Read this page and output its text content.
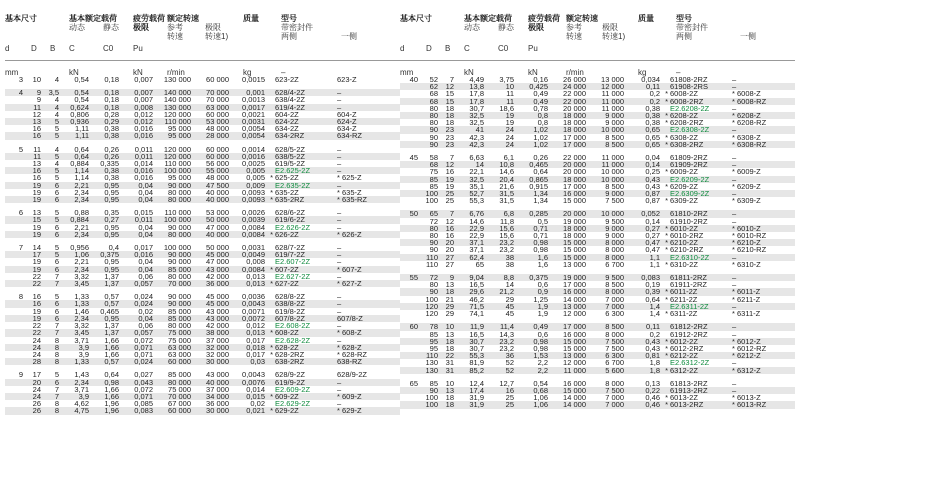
基本尺寸	基本额定载荷
动态 静态
疲劳载荷
极限
额定转速
参考
转速
极限
转速1)
质量	型号
带密封件
两侧	一侧
d	D B C	C0 Pu
mm	kN	kN	r/min	kg	–
3	10	4	0,54	0,18	0,007	130 000	60 000	0,0015		623-2Z	623-Z

4	9	3,5	0,54	0,18	0,007	140 000	70 000	0,001		628/4-2Z	–
	9	4	0,54	0,18	0,007	140 000	70 000	0,0013		638/4-2Z	–
	11	4	0,624	0,18	0,008	130 000	63 000	0,0017		619/4-2Z	–
	12	4	0,806	0,28	0,012	120 000	60 000	0,0021		604-2Z	604-Z
	13	5	0,936	0,29	0,012	110 000	53 000	0,0031		624-2Z	624-Z
	16	5	1,11	0,38	0,016	95 000	48 000	0,0054		634-2Z	634-Z
	16	5	1,11	0,38	0,016	95 000	28 000	0,0054		634-2RZ	634-RZ

5	11	4	0,64	0,26	0,011	120 000	60 000	0,0014		628/5-2Z	–
	11	5	0,64	0,26	0,011	120 000	60 000	0,0016		638/5-2Z	–
	13	4	0,884	0,335	0,014	110 000	56 000	0,0025		619/5-2Z	–
	16	5	1,14	0,38	0,016	100 000	55 000	0,005		E2.625-2Z	–
	16	5	1,14	0,38	0,016	95 000	48 000	0,005	*	625-2Z	* 625-Z
	19	6	2,21	0,95	0,04	90 000	47 500	0,009		E2.635-2Z	–
	19	6	2,34	0,95	0,04	80 000	40 000	0,0093	*	635-2Z	* 635-Z
	19	6	2,34	0,95	0,04	80 000	40 000	0,0093	*	635-2RZ	* 635-RZ

6	13	5	0,88	0,35	0,015	110 000	53 000	0,0026		628/6-2Z	–
	15	5	0,884	0,27	0,011	100 000	50 000	0,0039		619/6-2Z	–
	19	6	2,21	0,95	0,04	90 000	47 000	0,0084		E2.626-2Z	–
	19	6	2,34	0,95	0,04	80 000	40 000	0,0084	*	626-2Z	* 626-Z

7	14	5	0,956	0,4	0,017	100 000	50 000	0,0031		628/7-2Z	–
	17	5	1,06	0,375	0,016	90 000	45 000	0,0049		619/7-2Z	–
	19	6	2,21	0,95	0,04	90 000	47 000	0,008		E2.607-2Z	–
	19	6	2,34	0,95	0,04	85 000	43 000	0,0084	*	607-2Z	* 607-Z
	22	7	3,32	1,37	0,06	80 000	42 000	0,013		E2.627-2Z	–
	22	7	3,45	1,37	0,057	70 000	36 000	0,013	*	627-2Z	* 627-Z

8	16	5	1,33	0,57	0,024	90 000	45 000	0,0036		628/8-2Z	–
	16	6	1,33	0,57	0,024	90 000	45 000	0,0043		638/8-2Z	–
	19	6	1,46	0,465	0,02	85 000	43 000	0,0071		619/8-2Z	–
	19	6	2,34	0,95	0,04	85 000	43 000	0,0072		607/8-2Z	607/8-Z
	22	7	3,32	1,37	0,06	80 000	42 000	0,012		E2.608-2Z	–
	22	7	3,45	1,37	0,057	75 000	38 000	0,013	*	608-2Z	* 608-Z
	24	8	3,71	1,66	0,072	75 000	37 000	0,017		E2.628-2Z	–
	24	8	3,9	1,66	0,071	63 000	32 000	0,018	*	628-2Z	* 628-Z
	24	8	3,9	1,66	0,071	63 000	32 000	0,017	*	628-2RZ	* 628-RZ
	28	8	1,33	0,57	0,024	60 000	30 000	0,03		638-2RZ	638-RZ

9	17	5	1,43	0,64	0,027	85 000	43 000	0,0043		628/9-2Z	628/9-2Z
	20	6	2,34	0,98	0,043	80 000	40 000	0,0076		619/9-2Z	–
	24	7	3,71	1,66	0,072	75 000	37 000	0,014		E2.609-2Z	–
	24	7	3,9	1,66	0,071	70 000	34 000	0,015	*	609-2Z	* 609-Z
	26	8	4,62	1,96	0,085	67 000	36 000	0,02		E2.629-2Z	–
	26	8	4,75	1,96	0,083	60 000	30 000	0,021	*	629-2Z	* 629-Z
基本尺寸	基本额定载荷
动态 静态
疲劳载荷
极限
额定转速
参考
转速
极限
转速1)
质量	型号
带密封件
两侧	一侧
d	D B C	C0 Pu
mm	kN	kN	r/min	kg	–
40	52	7	4,49	3,75	0,16	26 000	13 000	0,034		61808-2RZ	–
	62	12	13,8	10	0,425	24 000	12 000	0,11		61908-2RS	–
	68	15	17,8	11	0,49	22 000	11 000	0,2	*	6008-2Z	* 6008-Z
	68	15	17,8	11	0,49	22 000	11 000	0,2	*	6008-2RZ	* 6008-RZ
	80	18	30,7	18,6	0,78	20 000	11 000	0,38		E2.6208-2Z	–
	80	18	32,5	19	0,8	18 000	9 000	0,38	*	6208-2Z	* 6208-Z
	80	18	32,5	19	0,8	18 000	9 000	0,38	*	6208-2RZ	* 6208-RZ
	90	23	41	24	1,02	18 000	10 000	0,65		E2.6308-2Z	–
	90	23	42,3	24	1,02	17 000	8 500	0,65	*	6308-2Z	* 6308-Z
	90	23	42,3	24	1,02	17 000	8 500	0,65	*	6308-2RZ	* 6308-RZ

45	58	7	6,63	6,1	0,26	22 000	11 000	0,04		61809-2RZ	–
	68	12	14	10,8	0,465	20 000	11 000	0,14		61909-2RZ	–
	75	16	22,1	14,6	0,64	20 000	10 000	0,25	*	6009-2Z	* 6009-Z
	85	19	32,5	20,4	0,865	18 000	10 000	0,43		E2.6209-2Z	–
	85	19	35,1	21,6	0,915	17 000	8 500	0,43	*	6209-2Z	* 6209-Z
	100	25	52,7	31,5	1,34	16 000	9 000	0,87		E2.6309-2Z	–
	100	25	55,3	31,5	1,34	15 000	7 500	0,87	*	6309-2Z	* 6309-Z

50	65	7	6,76	6,8	0,285	20 000	10 000	0,052		61810-2RZ	–
	72	12	14,6	11,8	0,5	19 000	9 500	0,14		61910-2RZ	–
	80	16	22,9	15,6	0,71	18 000	9 000	0,27	*	6010-2Z	* 6010-Z
	80	16	22,9	15,6	0,71	18 000	9 000	0,27	*	6010-2RZ	* 6010-RZ
	90	20	37,1	23,2	0,98	15 000	8 000	0,47	*	6210-2Z	* 6210-Z
	90	20	37,1	23,2	0,98	15 000	8 000	0,47	*	6210-2RZ	* 6210-RZ
	110	27	62,4	38	1,6	15 000	8 000	1,1		E2.6310-2Z	–
	110	27	65	38	1,6	13 000	6 700	1,1	*	6310-2Z	* 6310-Z

55	72	9	9,04	8,8	0,375	19 000	9 500	0,083		61811-2RZ	–
	80	13	16,5	14	0,6	17 000	8 500	0,19		61911-2RZ	–
	90	18	29,6	21,2	0,9	16 000	8 000	0,39	*	6011-2Z	* 6011-Z
	100	21	46,2	29	1,25	14 000	7 000	0,64	*	6211-2Z	* 6211-Z
	120	29	71,5	45	1,9	13 000	7 000	1,4		E2.6311-2Z	–
	120	29	74,1	45	1,9	12 000	6 300	1,4	*	6311-2Z	* 6311-Z

60	78	10	11,9	11,4	0,49	17 000	8 500	0,11		61812-2RZ	–
	85	13	16,5	14,3	0,6	16 000	8 000	0,2		61912-2RZ	–
	95	18	30,7	23,2	0,98	15 000	7 500	0,43	*	6012-2Z	* 6012-Z
	95	18	30,7	23,2	0,98	15 000	7 500	0,43	*	6012-2RZ	* 6012-RZ
	110	22	55,3	36	1,53	13 000	6 300	0,81	*	6212-2Z	* 6212-Z
	130	31	81,9	52	2,2	12 000	6 700	1,8		E2.6312-2Z	–
	130	31	85,2	52	2,2	11 000	5 600	1,8	*	6312-2Z	* 6312-Z

65	85	10	12,4	12,7	0,54	16 000	8 000	0,13		61813-2RZ	–
	90	13	17,4	16	0,68	15 000	7 500	0,22		61913-2RZ	–
	100	18	31,9	25	1,06	14 000	7 000	0,46	*	6013-2Z	* 6013-Z
	100	18	31,9	25	1,06	14 000	7 000	0,46	*	6013-2RZ	* 6013-RZ
